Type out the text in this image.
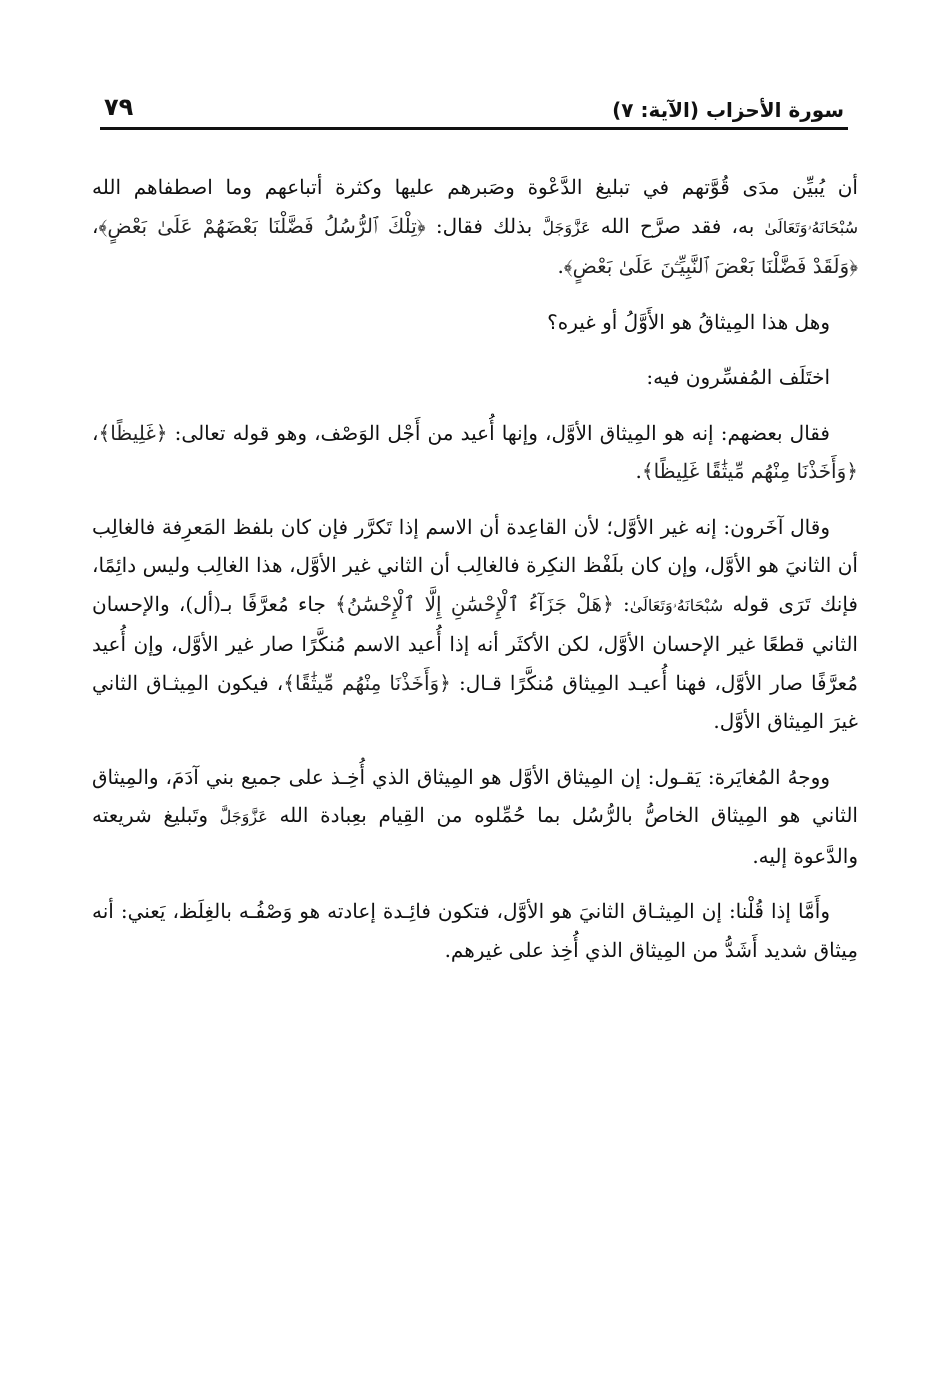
سورة الأحزاب (الآية: ٧)
٧٩

أن يُبيِّن مدَى قُوَّتهم في تبليغ الدَّعْوة وصَبرهم عليها وكثرة أتباعهم وما اصطفاهم الله سُبْحَانَهُۥوَتَعَالَىٰ به، فقد صرَّح الله عَزَّوَجَلَّ بذلك فقال: ﴿تِلْكَ ٱلرُّسُلُ فَضَّلْنَا بَعْضَهُمْ عَلَىٰ بَعْضٍ﴾، ﴿وَلَقَدْ فَضَّلْنَا بَعْضَ ٱلنَّبِيِّـۧنَ عَلَىٰ بَعْضٍ﴾.

وهل هذا المِيثاقُ هو الأَوَّلُ أو غيره؟

اختَلَف المُفسِّرون فيه:

فقال بعضهم: إنه هو المِيثاق الأوَّل، وإنها أُعيد من أَجْل الوَصْف، وهو قوله تعالى: ﴿غَلِيظًا﴾، ﴿وَأَخَذْنَا مِنْهُم مِّيثَٰقًا غَلِيظًا﴾.

وقال آخَرون: إنه غير الأوَّل؛ لأن القاعِدة أن الاسم إذا تَكرَّر فإن كان بلفظ المَعرِفة فالغالِب أن الثانيَ هو الأوَّل، وإن كان بلَفْظ النكِرة فالغالِب أن الثاني غير الأوَّل، هذا الغالِب وليس دائِمًا، فإنك تَرَى قوله سُبْحَانَهُۥوَتَعَالَىٰ: ﴿هَلْ جَزَآءُ ٱلْإِحْسَٰنِ إِلَّا ٱلْإِحْسَٰنُ﴾ جاء مُعرَّفًا بـ(أل)، والإحسان الثاني قطعًا غير الإحسان الأوَّل، لكن الأكثَر أنه إذا أُعيد الاسم مُنكَّرًا صار غير الأوَّل، وإن أُعيد مُعرَّفًا صار الأوَّل، فهنا أُعيـد المِيثاق مُنكَّرًا قـال: ﴿وَأَخَذْنَا مِنْهُم مِّيثَٰقًا﴾، فيكون المِيثـاق الثاني غيرَ المِيثاق الأوَّل.

ووجهُ المُغايَرة: يَقـول: إن المِيثاق الأوَّل هو المِيثاق الذي أُخِـذ على جميع بني آدَمَ، والمِيثاق الثاني هو المِيثاق الخاصُّ بالرُّسُل بما حُمِّلوه من القِيام بعِبادة الله عَزَّوَجَلَّ وتَبليغ شريعته والدَّعوة إليه.

وأَمَّا إذا قُلْنا: إن المِيثـاق الثانيَ هو الأوَّل، فتكون فائِـدة إعادته هو وَصْفُـه بالغِلَظ، يَعني: أنه مِيثاق شديد أَشَدُّ من المِيثاق الذي أُخِذ على غيرهم.
